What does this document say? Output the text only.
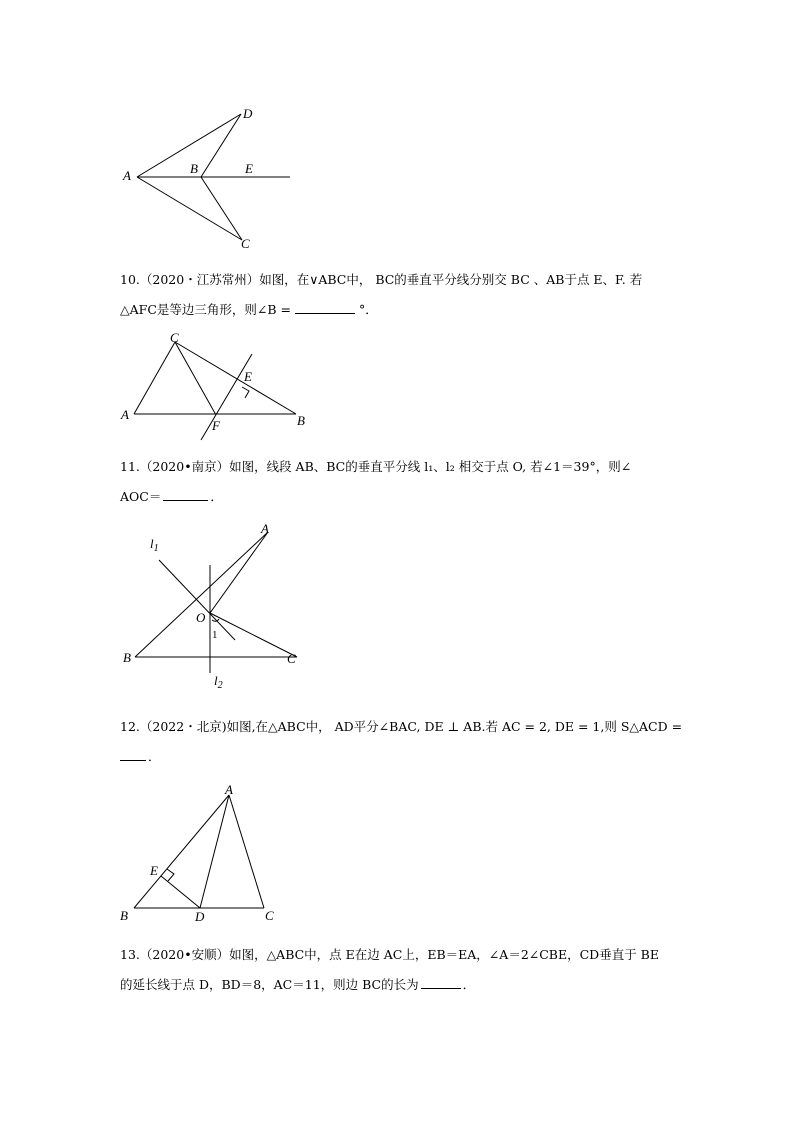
A	B	E
D
C

10.（2020・江苏常州）如图，在∨ABC中， BC的垂直平分线分别交 BC 、AB于点 E、F. 若

△AFC是等边三角形，则∠B =	°．

C
A	B
E
F

11.（2020•南京）如图，线段 AB、BC的垂直平分线 l₁、l₂ 相交于点 O, 若∠1＝39°，则∠

AOC＝	．

A
B	C
O
1
$l_1$
$l_2$

12.（2022・北京)如图,在△ABC中， AD平分∠BAC, DE ⊥ AB.若 AC = 2, DE = 1,则 S△ACD =

．

A
B	C
D
E

13.（2020•安顺）如图，△ABC中，点 E在边 AC上，EB＝EA，∠A＝2∠CBE，CD垂直于 BE

的延长线于点 D，BD＝8，AC＝11，则边 BC的长为	．
